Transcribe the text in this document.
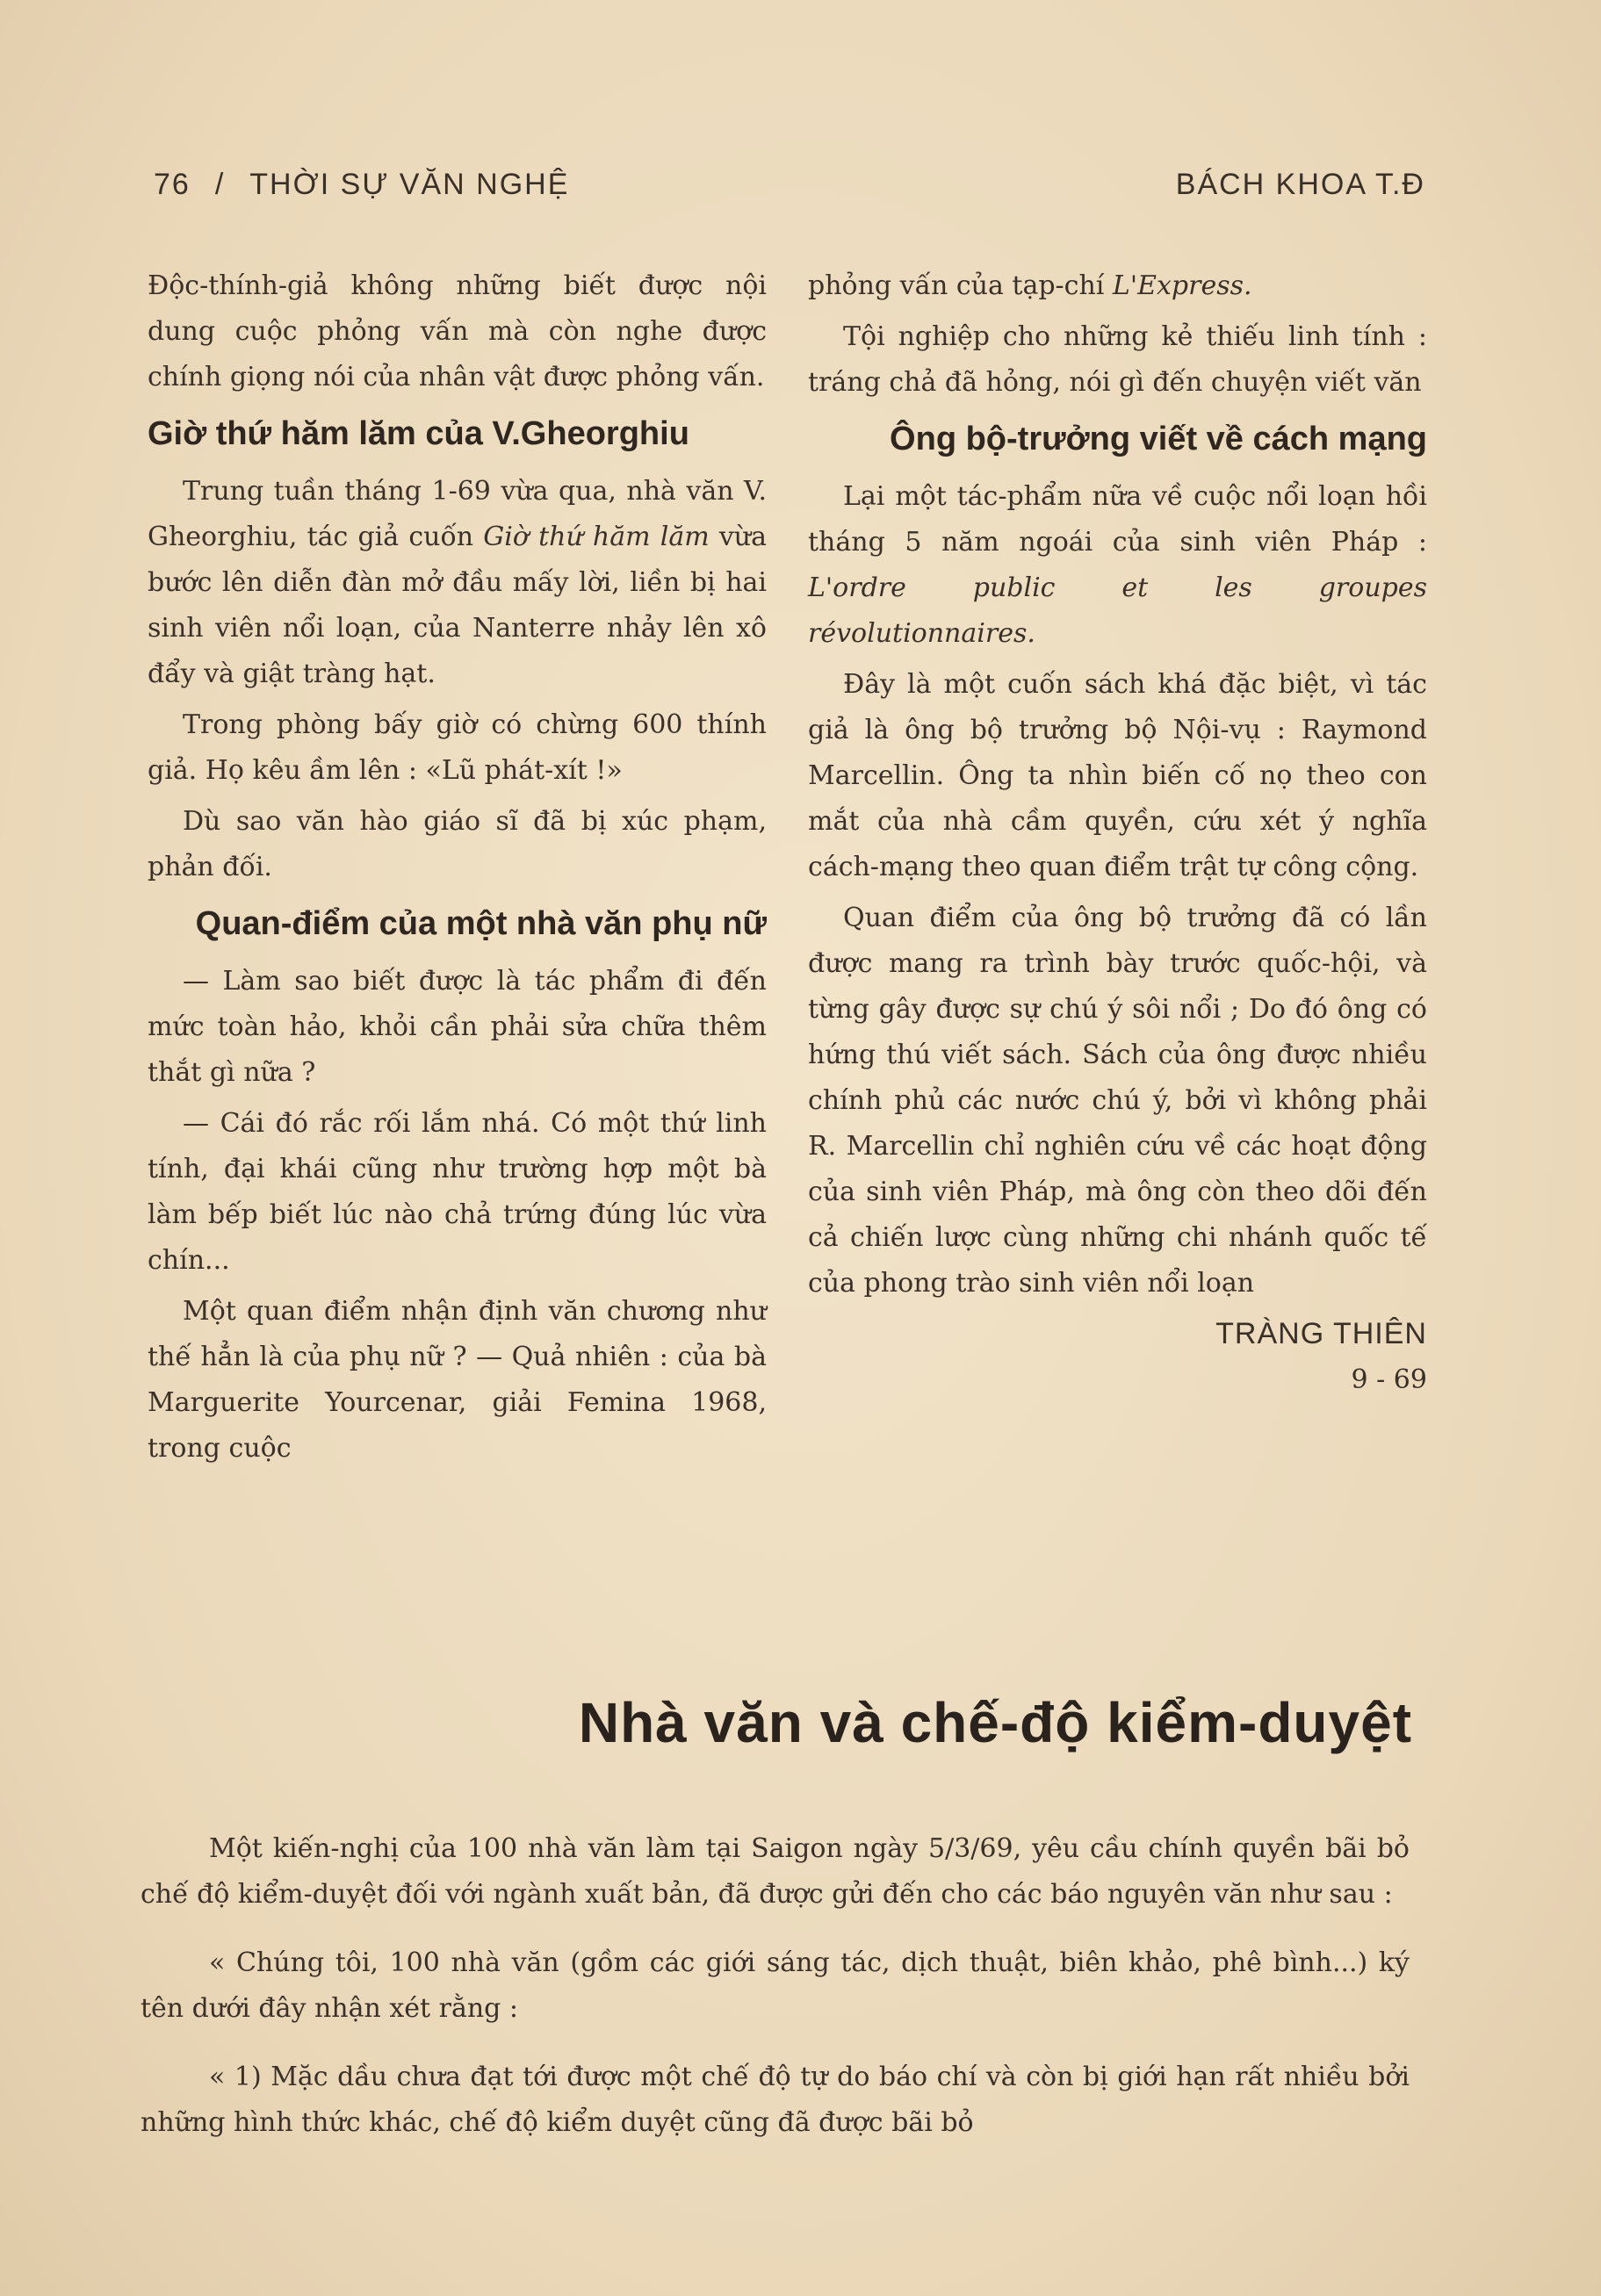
76 / THỜI SỰ VĂN NGHỆ	BÁCH KHOA T.Đ

Độc-thính-giả không những biết được nội dung cuộc phỏng vấn mà còn nghe được chính giọng nói của nhân vật được phỏng vấn.

Giờ thứ hăm lăm của V.Gheorghiu

Trung tuần tháng 1-69 vừa qua, nhà văn V. Gheorghiu, tác giả cuốn Giờ thứ hăm lăm vừa bước lên diễn đàn mở đầu mấy lời, liền bị hai sinh viên nổi loạn, của Nanterre nhảy lên xô đẩy và giật tràng hạt.

Trong phòng bấy giờ có chừng 600 thính giả. Họ kêu ầm lên : «Lũ phát-xít !»

Dù sao văn hào giáo sĩ đã bị xúc phạm, phản đối.

Quan-điểm của một nhà văn phụ nữ

— Làm sao biết được là tác phẩm đi đến mức toàn hảo, khỏi cần phải sửa chữa thêm thắt gì nữa ?

— Cái đó rắc rối lắm nhá. Có một thứ linh tính, đại khái cũng như trường hợp một bà làm bếp biết lúc nào chả trứng đúng lúc vừa chín...

Một quan điểm nhận định văn chương như thế hẳn là của phụ nữ ? — Quả nhiên : của bà Marguerite Yourcenar, giải Femina 1968, trong cuộc

phỏng vấn của tạp-chí L'Express.

Tội nghiệp cho những kẻ thiếu linh tính : tráng chả đã hỏng, nói gì đến chuyện viết văn

Ông bộ-trưởng viết về cách mạng

Lại một tác-phẩm nữa về cuộc nổi loạn hồi tháng 5 năm ngoái của sinh viên Pháp : L'ordre public et les groupes révolutionnaires.

Đây là một cuốn sách khá đặc biệt, vì tác giả là ông bộ trưởng bộ Nội-vụ : Raymond Marcellin. Ông ta nhìn biến cố nọ theo con mắt của nhà cầm quyền, cứu xét ý nghĩa cách-mạng theo quan điểm trật tự công cộng.

Quan điểm của ông bộ trưởng đã có lần được mang ra trình bày trước quốc-hội, và từng gây được sự chú ý sôi nổi ; Do đó ông có hứng thú viết sách. Sách của ông được nhiều chính phủ các nước chú ý, bởi vì không phải R. Marcellin chỉ nghiên cứu về các hoạt động của sinh viên Pháp, mà ông còn theo dõi đến cả chiến lược cùng những chi nhánh quốc tế của phong trào sinh viên nổi loạn

TRÀNG THIÊN

9 - 69

Nhà văn và chế-độ kiểm-duyệt

Một kiến-nghị của 100 nhà văn làm tại Saigon ngày 5/3/69, yêu cầu chính quyền bãi bỏ chế độ kiểm-duyệt đối với ngành xuất bản, đã được gửi đến cho các báo nguyên văn như sau :

« Chúng tôi, 100 nhà văn (gồm các giới sáng tác, dịch thuật, biên khảo, phê bình...) ký tên dưới đây nhận xét rằng :

« 1) Mặc dầu chưa đạt tới được một chế độ tự do báo chí và còn bị giới hạn rất nhiều bởi những hình thức khác, chế độ kiểm duyệt cũng đã được bãi bỏ
